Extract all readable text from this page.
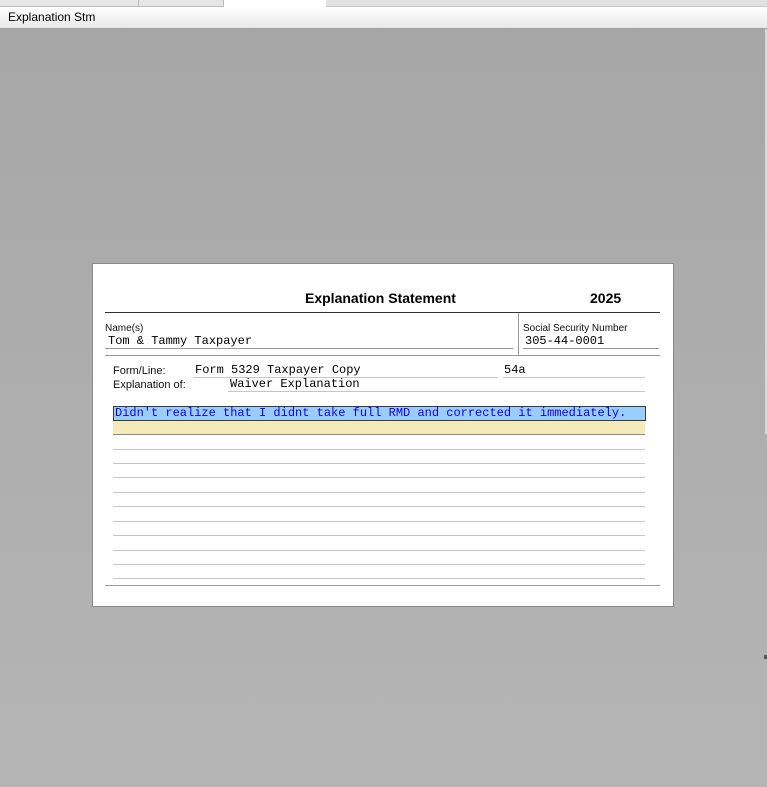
Explanation Stm
Explanation Statement	2025
Name(s)
Tom & Tammy Taxpayer
Social Security Number
305-44-0001
Form/Line: Form 5329 Taxpayer Copy	54a
Explanation of:	Waiver Explanation
Didn't realize that I didnt take full RMD and corrected it immediately.
